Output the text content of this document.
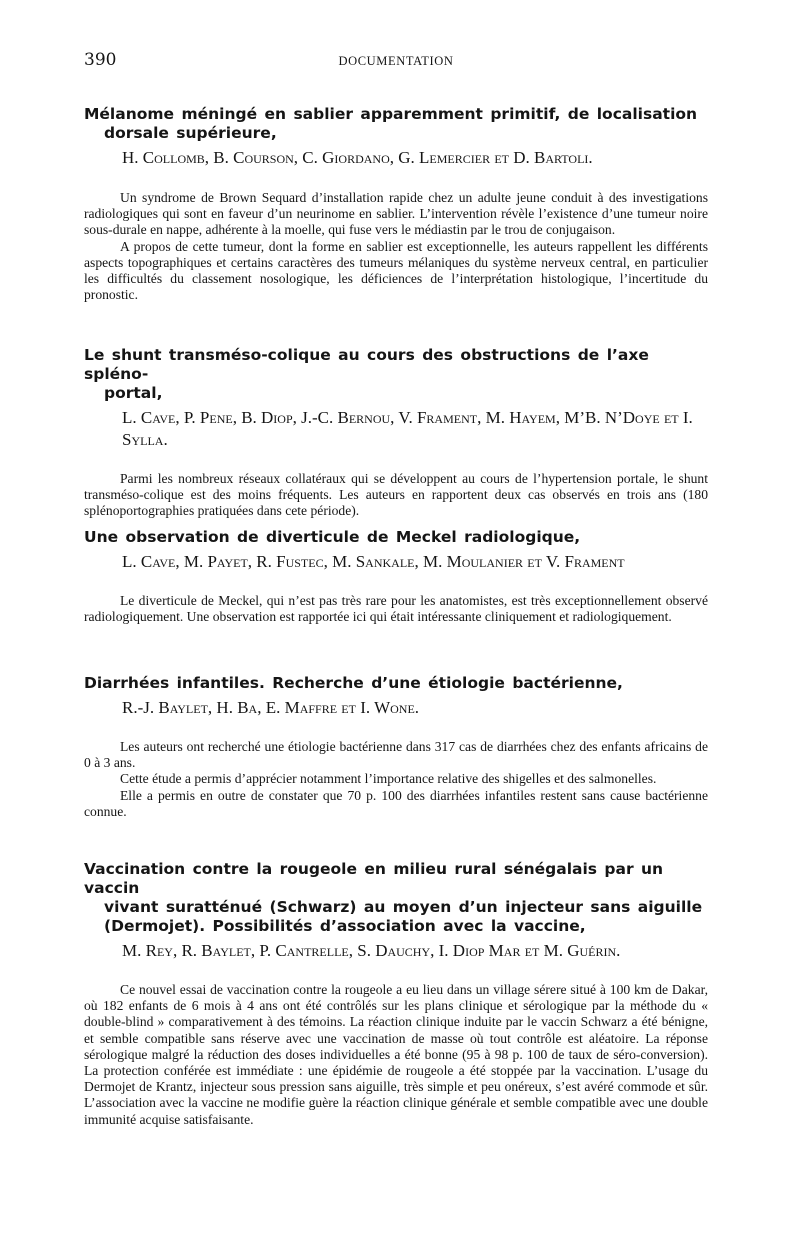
390	DOCUMENTATION
Mélanome méningé en sablier apparemment primitif, de localisation
dorsale supérieure,
H. Collomb, B. Courson, C. Giordano, G. Lemercier et D. Bartoli.

Un syndrome de Brown Sequard d’installation rapide chez un adulte jeune conduit à des investigations radiologiques qui sont en faveur d’un neurinome en sablier. L’intervention révèle l’existence d’une tumeur noire sous-durale en nappe, adhérente à la moelle, qui fuse vers le médiastin par le trou de conjugaison.

A propos de cette tumeur, dont la forme en sablier est exceptionnelle, les auteurs rappellent les différents aspects topographiques et certains caractères des tumeurs mélaniques du système nerveux central, en particulier les difficultés du classement nosologique, les déficiences de l’interprétation histologique, l’incertitude du pronostic.

Le shunt transméso-colique au cours des obstructions de l’axe spléno-
portal,
L. Cave, P. Pene, B. Diop, J.-C. Bernou, V. Frament, M. Hayem, M’B. N’Doye et I. Sylla.

Parmi les nombreux réseaux collatéraux qui se développent au cours de l’hypertension portale, le shunt transméso-colique est des moins fréquents. Les auteurs en rapportent deux cas observés en trois ans (180 splénoportographies pratiquées dans cete période).

Une observation de diverticule de Meckel radiologique,
L. Cave, M. Payet, R. Fustec, M. Sankale, M. Moulanier et V. Frament

Le diverticule de Meckel, qui n’est pas très rare pour les anatomistes, est très exceptionnellement observé radiologiquement. Une observation est rapportée ici qui était intéressante cliniquement et radiologiquement.

Diarrhées infantiles. Recherche d’une étiologie bactérienne,
R.-J. Baylet, H. Ba, E. Maffre et I. Wone.

Les auteurs ont recherché une étiologie bactérienne dans 317 cas de diarrhées chez des enfants africains de 0 à 3 ans.

Cette étude a permis d’apprécier notamment l’importance relative des shigelles et des salmonelles.

Elle a permis en outre de constater que 70 p. 100 des diarrhées infantiles restent sans cause bactérienne connue.

Vaccination contre la rougeole en milieu rural sénégalais par un vaccin
vivant suratténué (Schwarz) au moyen d’un injecteur sans aiguille (Dermojet). Possibilités d’association avec la vaccine,
M. Rey, R. Baylet, P. Cantrelle, S. Dauchy, I. Diop Mar et M. Guérin.

Ce nouvel essai de vaccination contre la rougeole a eu lieu dans un village sérere situé à 100 km de Dakar, où 182 enfants de 6 mois à 4 ans ont été contrôlés sur les plans clinique et sérologique par la méthode du « double-blind » comparativement à des témoins. La réaction clinique induite par le vaccin Schwarz a été bénigne, et semble compatible sans réserve avec une vaccination de masse où tout contrôle est aléatoire. La réponse sérologique malgré la réduction des doses individuelles a été bonne (95 à 98 p. 100 de taux de séro-conversion). La protection conférée est immédiate : une épidémie de rougeole a été stoppée par la vaccination. L’usage du Dermojet de Krantz, injecteur sous pression sans aiguille, très simple et peu onéreux, s’est avéré commode et sûr. L’association avec la vaccine ne modifie guère la réaction clinique générale et semble compatible avec une double immunité acquise satisfaisante.
